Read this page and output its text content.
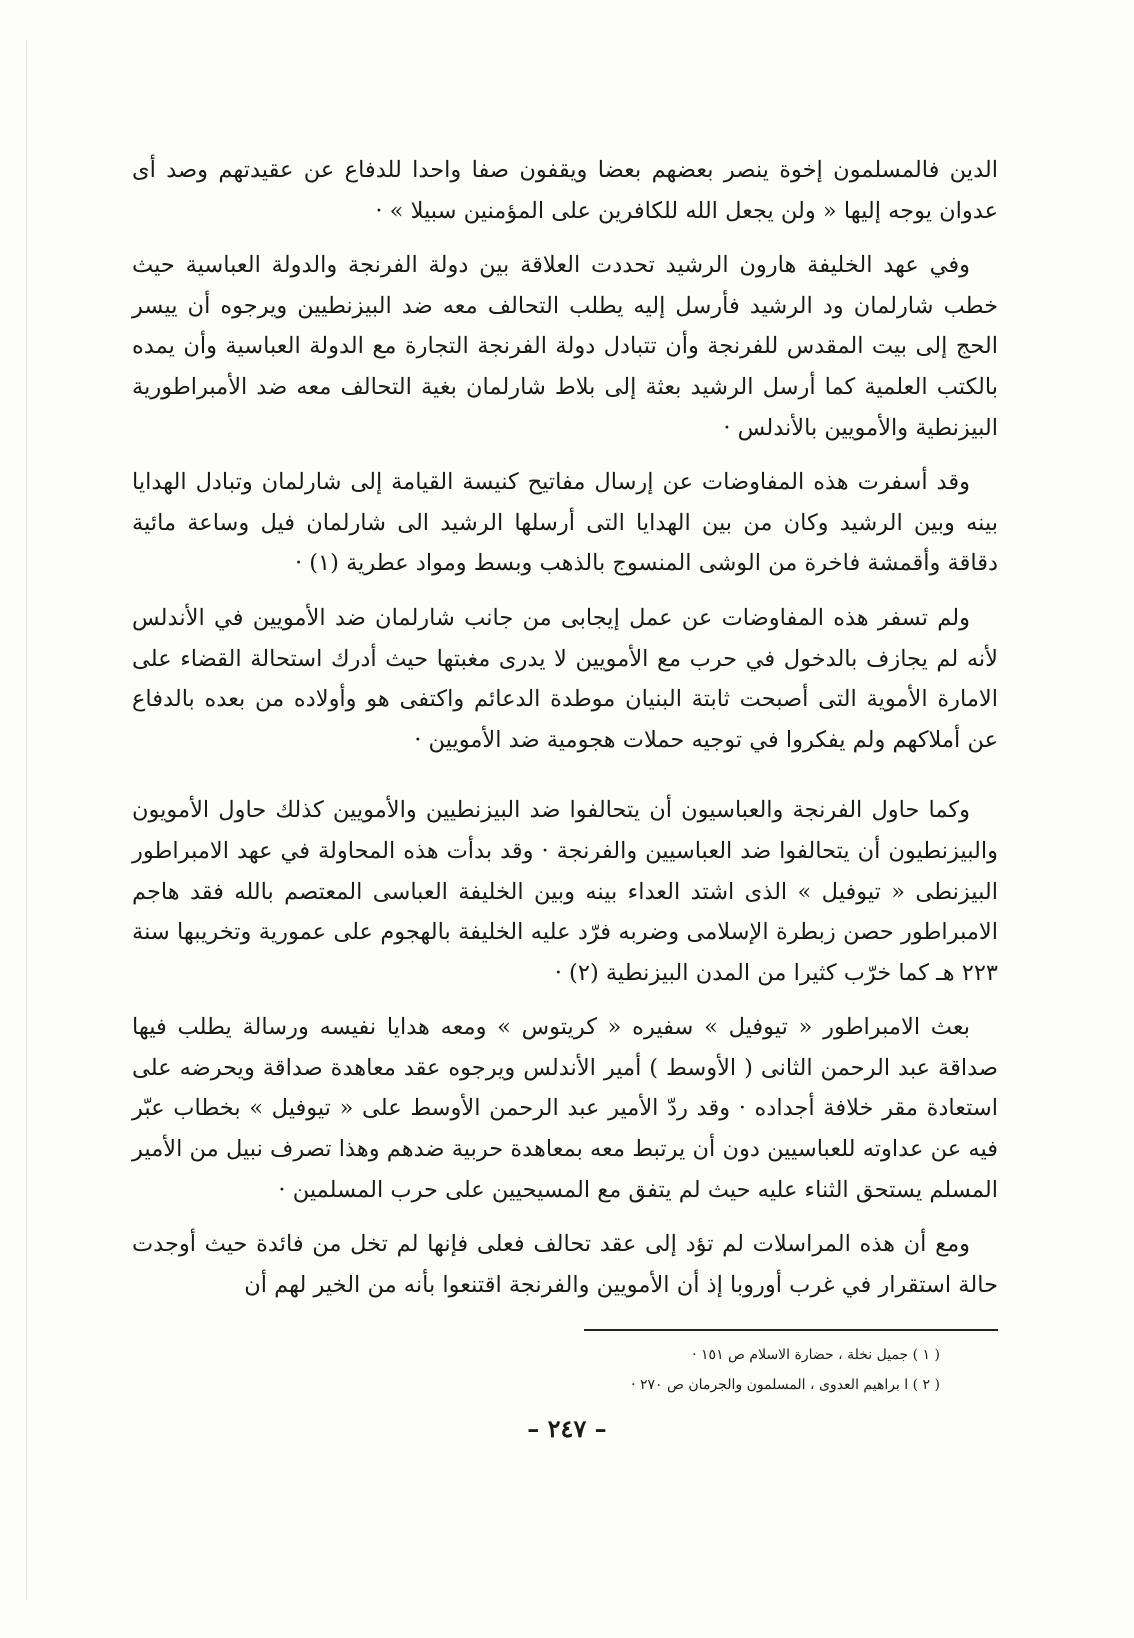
الدين فالمسلمون إخوة ينصر بعضهم بعضا ويقفون صفا واحدا للدفاع عن عقيدتهم وصد أى عدوان يوجه إليها « ولن يجعل الله للكافرين على المؤمنين سبيلا » ·

وفي عهد الخليفة هارون الرشيد تحددت العلاقة بين دولة الفرنجة والدولة العباسية حيث خطب شارلمان ود الرشيد فأرسل إليه يطلب التحالف معه ضد البيزنطيين ويرجوه أن ييسر الحج إلى بيت المقدس للفرنجة وأن تتبادل دولة الفرنجة التجارة مع الدولة العباسية وأن يمده بالكتب العلمية كما أرسل الرشيد بعثة إلى بلاط شارلمان بغية التحالف معه ضد الأمبراطورية البيزنطية والأمويين بالأندلس ·

وقد أسفرت هذه المفاوضات عن إرسال مفاتيح كنيسة القيامة إلى شارلمان وتبادل الهدايا بينه وبين الرشيد وكان من بين الهدايا التى أرسلها الرشيد الى شارلمان فيل وساعة مائية دقاقة وأقمشة فاخرة من الوشى المنسوج بالذهب وبسط ومواد عطرية (١) ·

ولم تسفر هذه المفاوضات عن عمل إيجابى من جانب شارلمان ضد الأمويين في الأندلس لأنه لم يجازف بالدخول في حرب مع الأمويين لا يدرى مغبتها حيث أدرك استحالة القضاء على الامارة الأموية التى أصبحت ثابتة البنيان موطدة الدعائم واكتفى هو وأولاده من بعده بالدفاع عن أملاكهم ولم يفكروا في توجيه حملات هجومية ضد الأمويين ·

وكما حاول الفرنجة والعباسيون أن يتحالفوا ضد البيزنطيين والأمويين كذلك حاول الأمويون والبيزنطيون أن يتحالفوا ضد العباسيين والفرنجة · وقد بدأت هذه المحاولة في عهد الامبراطور البيزنطى « تيوفيل » الذى اشتد العداء بينه وبين الخليفة العباسى المعتصم بالله فقد هاجم الامبراطور حصن زبطرة الإسلامى وضربه فرّد عليه الخليفة بالهجوم على عمورية وتخريبها سنة ٢٢٣ هـ كما خرّب كثيرا من المدن البيزنطية (٢) ·

بعث الامبراطور « تيوفيل » سفيره « كريتوس » ومعه هدايا نفيسه ورسالة يطلب فيها صداقة عبد الرحمن الثانى ( الأوسط ) أمير الأندلس ويرجوه عقد معاهدة صداقة ويحرضه على استعادة مقر خلافة أجداده · وقد ردّ الأمير عبد الرحمن الأوسط على « تيوفيل » بخطاب عبّر فيه عن عداوته للعباسيين دون أن يرتبط معه بمعاهدة حربية ضدهم وهذا تصرف نبيل من الأمير المسلم يستحق الثناء عليه حيث لم يتفق مع المسيحيين على حرب المسلمين ·

ومع أن هذه المراسلات لم تؤد إلى عقد تحالف فعلى فإنها لم تخل من فائدة حيث أوجدت حالة استقرار في غرب أوروبا إذ أن الأمويين والفرنجة اقتنعوا بأنه من الخير لهم أن

( ١ ) جميل نخلة ، حضارة الاسلام ص ١٥١ ·

( ٢ ) ا براهيم العدوى ، المسلمون والجرمان ص ٢٧٠ ·

– ٢٤٧ –
